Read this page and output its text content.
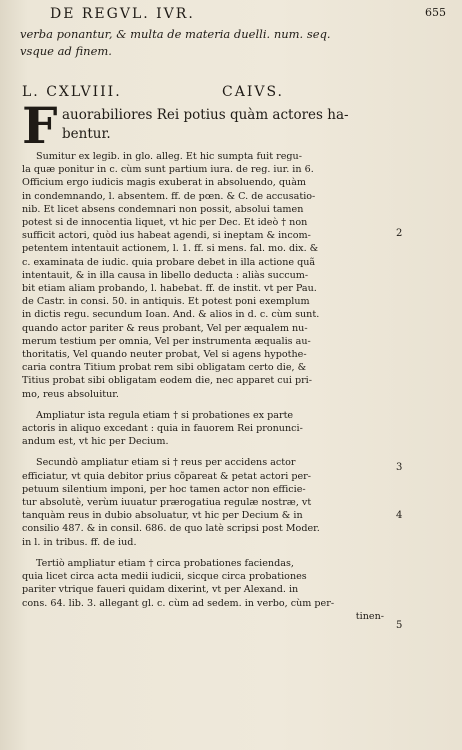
DE REGVL. IVR.	655
verba ponantur, & multa de materia duelli. num. seq.
vsque ad finem.
L. CXLVIII.	CAIVS.
F auorabiliores Rei potius quàm actores ha-
bentur.
Sumitur ex legib. in glo. alleg. Et hic sumpta fuit regu-
la quæ ponitur in c. cùm sunt partium iura. de reg. iur. in 6.
Officium ergo iudicis magis exuberat in absoluendo, quàm
in condemnando, l. absentem. ff. de pœn. & C. de accusatio-
nib. Et licet absens condemnari non possit, absolui tamen
potest si de innocentia liquet, vt hic per Dec. Et ideò † non
sufficit actori, quòd ius habeat agendi, si ineptam & incom-
petentem intentauit actionem, l. 1. ff. si mens. fal. mo. dix. &
c. examinata de iudic. quia probare debet in illa actione quã
intentauit, & in illa causa in libello deducta : aliàs succum-
bit etiam aliam probando, l. habebat. ff. de instit. vt per Pau.
de Castr. in consi. 50. in antiquis. Et potest poni exemplum
in dictis regu. secundum Ioan. And. & alios in d. c. cùm sunt.
quando actor pariter & reus probant, Vel per æqualem nu-
merum testium per omnia, Vel per instrumenta æqualis au-
thoritatis, Vel quando neuter probat, Vel si agens hypothe-
caria contra Titium probat rem sibi obligatam certo die, &
Titius probat sibi obligatam eodem die, nec apparet cui pri-
mo, reus absoluitur.
Ampliatur ista regula etiam † si probationes ex parte
actoris in aliquo excedant : quia in fauorem Rei pronunci-
andum est, vt hic per Decium.
Secundò ampliatur etiam si † reus per accidens actor
efficiatur, vt quia debitor prius cõpareat & petat actori per-
petuum silentium imponi, per hoc tamen actor non efficie-
tur absolutè, verùm iuuatur prærogatiua regulæ nostræ, vt
tanquàm reus in dubio absoluatur, vt hic per Decium & in
consilio 487. & in consil. 686. de quo latè scripsi post Moder.
in l. in tribus. ff. de iud.
Tertiò ampliatur etiam † circa probationes faciendas,
quia licet circa acta medii iudicii, sicque circa probationes
pariter vtrique faueri quidam dixerint, vt per Alexand. in
cons. 64. lib. 3. allegant gl. c. cùm ad sedem. in verbo, cùm per-
tinen-
2
3
4
5
